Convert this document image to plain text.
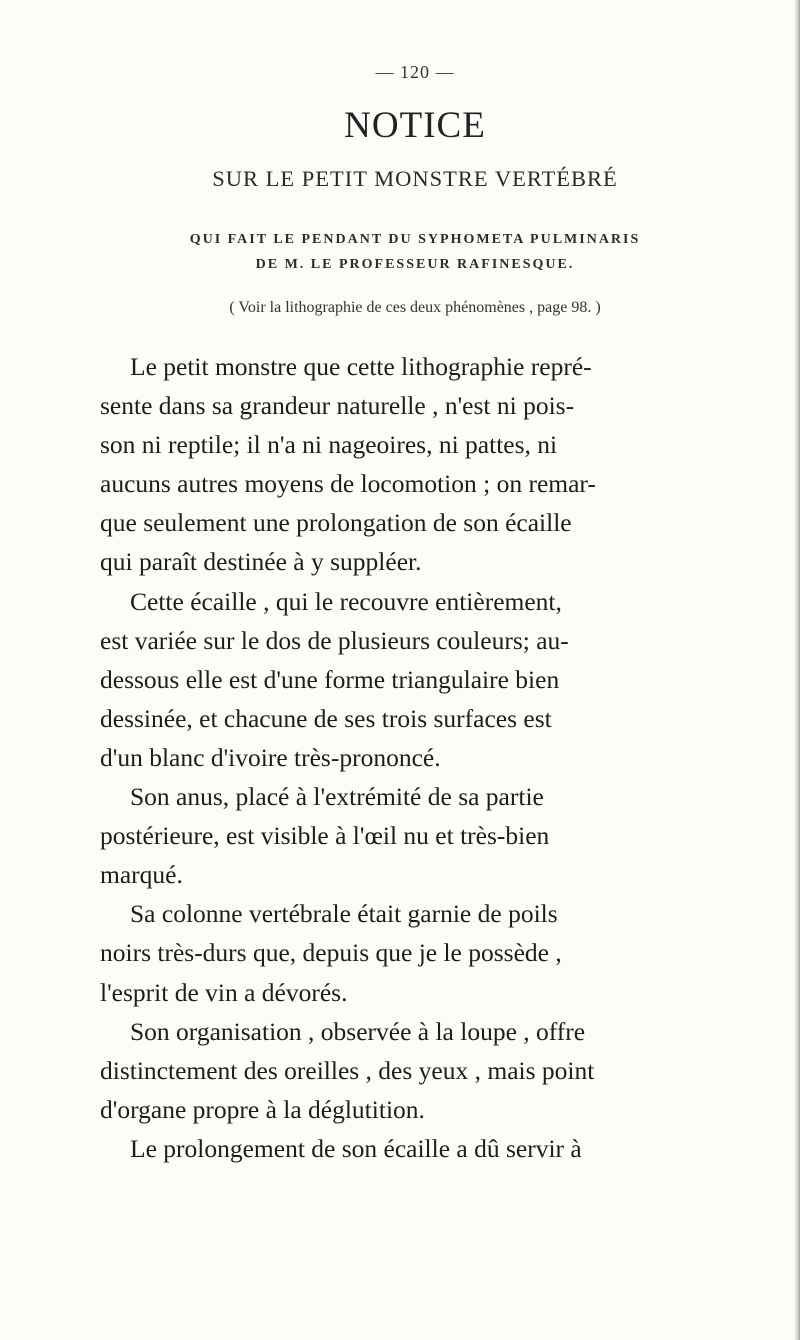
— 120 —
NOTICE
SUR LE PETIT MONSTRE VERTÉBRÉ
QUI FAIT LE PENDANT DU SYPHOMETA PULMINARIS
DE M. LE PROFESSEUR RAFINESQUE.
( Voir la lithographie de ces deux phénomènes , page 98. )
Le petit monstre que cette lithographie repré-
sente dans sa grandeur naturelle , n'est ni pois-
son ni reptile; il n'a ni nageoires, ni pattes, ni
aucuns autres moyens de locomotion ; on remar-
que seulement une prolongation de son écaille
qui paraît destinée à y suppléer.
Cette écaille , qui le recouvre entièrement,
est variée sur le dos de plusieurs couleurs; au-
dessous elle est d'une forme triangulaire bien
dessinée, et chacune de ses trois surfaces est
d'un blanc d'ivoire très-prononcé.
Son anus, placé à l'extrémité de sa partie
postérieure, est visible à l'œil nu et très-bien
marqué.
Sa colonne vertébrale était garnie de poils
noirs très-durs que, depuis que je le possède ,
l'esprit de vin a dévorés.
Son organisation , observée à la loupe , offre
distinctement des oreilles , des yeux , mais point
d'organe propre à la déglutition.
Le prolongement de son écaille a dû servir à
